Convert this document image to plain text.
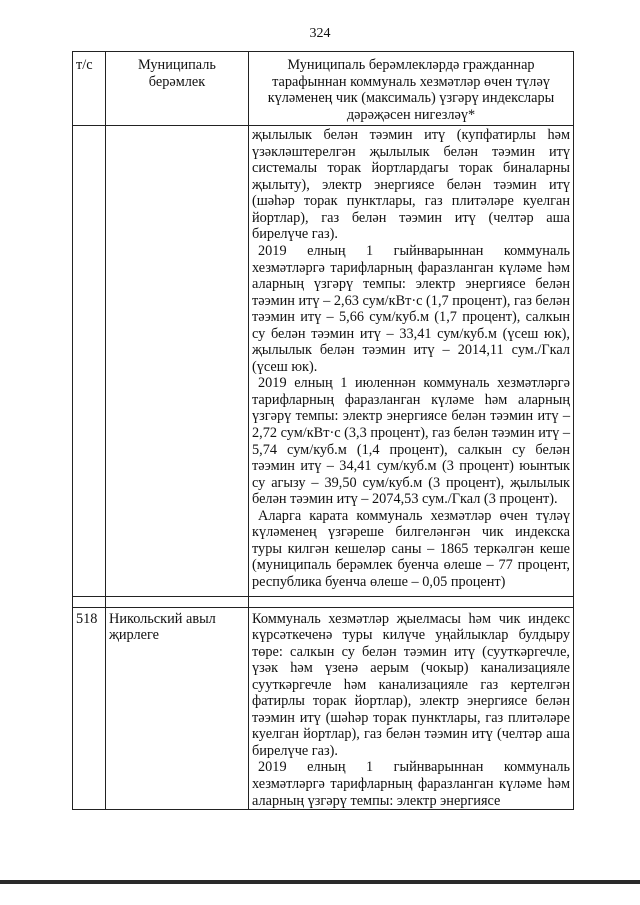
324
т/с	Муниципаль берәмлек	Муниципаль берәмлекләрдә гражданнар тарафыннан коммуналь хезмәтләр өчен түләү күләменең чик (максималь) үзгәрү индекслары дәрәҗәсен нигезләү*

		җылылык белән тәэмин итү (купфатирлы һәм үзәкләштерелгән җылылык белән тәэмин итү системалы торак йортлардагы торак биналарны җылыту), электр энергиясе белән тәэмин итү (шәһәр торак пунктлары, газ плитәләре куелган йортлар), газ белән тәэмин итү (челтәр аша бирелүче газ).

2019 елның 1 гыйнварыннан коммуналь хезмәтләргә тарифларның фаразланган күләме һәм аларның үзгәрү темпы: электр энергиясе белән тәэмин итү – 2,63 сум/кВт·с (1,7 процент), газ белән тәэмин итү – 5,66 сум/куб.м (1,7 процент), салкын су белән тәэмин итү – 33,41 сум/куб.м (үсеш юк), җылылык белән тәэмин итү – 2014,11 сум./Гкал (үсеш юк).

2019 елның 1 июленнән коммуналь хезмәтләргә тарифларның фаразланган күләме һәм аларның үзгәрү темпы: электр энергиясе белән тәэмин итү – 2,72 сум/кВт·с (3,3 процент), газ белән тәэмин итү – 5,74 сум/куб.м (1,4 процент), салкын су белән тәэмин итү – 34,41 сум/куб.м (3 процент) юынтык су агызу – 39,50 сум/куб.м (3 процент), җылылык белән тәэмин итү – 2074,53 сум./Гкал (3 процент).

Аларга карата коммуналь хезмәтләр өчен түләү күләменең үзгәреше билгеләнгән чик индекска туры килгән кешеләр саны – 1865 теркәлгән кеше (муниципаль берәмлек буенча өлеше – 77 процент, республика буенча өлеше – 0,05 процент)

518	Никольский авыл җирлеге	Коммуналь хезмәтләр җыелмасы һәм чик индекс күрсәткеченә туры килүче уңайлыклар булдыру төре: салкын су белән тәэмин итү (сууткәргечле, үзәк һәм үзенә аерым (чокыр) канализацияле сууткәргечле һәм канализацияле газ кертелгән фатирлы торак йортлар), электр энергиясе белән тәэмин итү (шәһәр торак пунктлары, газ плитәләре куелган йортлар), газ белән тәэмин итү (челтәр аша бирелүче газ).

2019 елның 1 гыйнварыннан коммуналь хезмәтләргә тарифларның фаразланган күләме һәм аларның үзгәрү темпы: электр энергиясе
